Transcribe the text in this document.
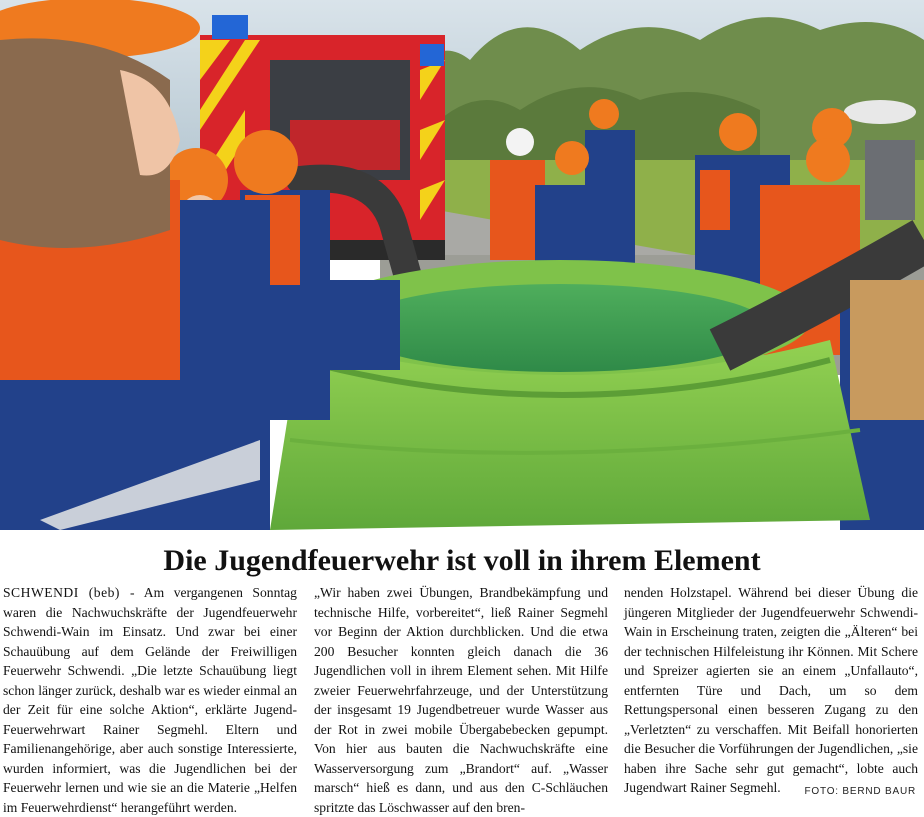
Die Jugendfeuerwehr ist voll in ihrem Element

SCHWENDI (beb) - Am vergangenen Sonntag waren die Nachwuchskräfte der Jugendfeuerwehr Schwendi-Wain im Einsatz. Und zwar bei einer Schauübung auf dem Gelände der Freiwilligen Feuerwehr Schwendi. „Die letzte Schauübung liegt schon länger zurück, deshalb war es wieder einmal an der Zeit für eine solche Aktion“, erklärte Jugend-Feuerwehrwart Rainer Segmehl. Eltern und Familienangehörige, aber auch sonstige Interessierte, wurden informiert, was die Jugendlichen bei der Feuerwehr lernen und wie sie an die Materie „Helfen im Feuerwehrdienst“ herangeführt werden.

„Wir haben zwei Übungen, Brandbekämpfung und technische Hilfe, vorbereitet“, ließ Rainer Segmehl vor Beginn der Aktion durchblicken. Und die etwa 200 Besucher konnten gleich danach die 36 Jugendlichen voll in ihrem Element sehen. Mit Hilfe zweier Feuerwehrfahrzeuge, und der Unterstützung der insgesamt 19 Jugendbetreuer wurde Wasser aus der Rot in zwei mobile Übergabebecken gepumpt. Von hier aus bauten die Nachwuchskräfte eine Wasserversorgung zum „Brandort“ auf. „Wasser marsch“ hieß es dann, und aus den C-Schläuchen spritzte das Löschwasser auf den bren-

nenden Holzstapel. Während bei dieser Übung die jüngeren Mitglieder der Jugendfeuerwehr Schwendi-Wain in Erscheinung traten, zeigten die „Älteren“ bei der technischen Hilfeleistung ihr Können. Mit Schere und Spreizer agierten sie an einem „Unfallauto“, entfernten Türe und Dach, um so dem Rettungspersonal einen besseren Zugang zu den „Verletzten“ zu verschaffen. Mit Beifall honorierten die Besucher die Vorführungen der Jugendlichen, „sie haben ihre Sache sehr gut gemacht“, lobte auch Jugendwart Rainer Segmehl.	FOTO: BERND BAUR
